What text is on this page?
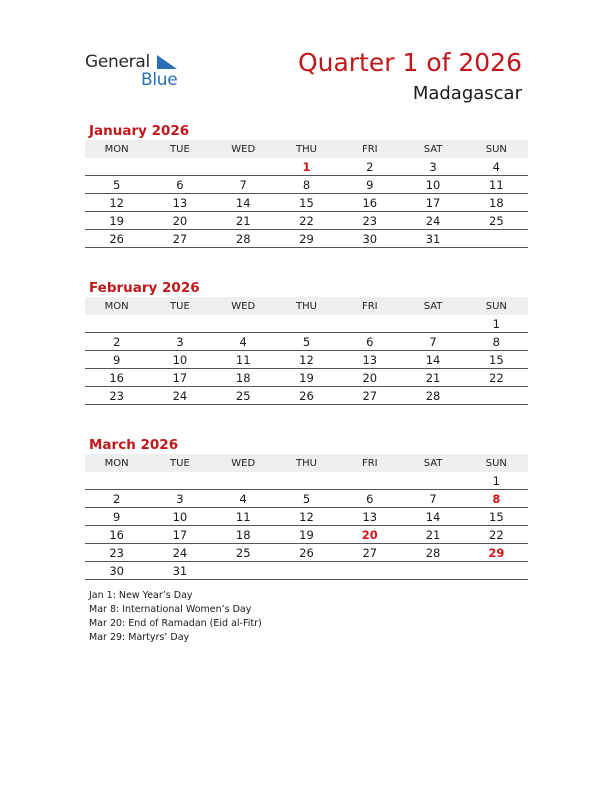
General
Blue
Quarter 1 of 2026
Madagascar
January 2026
MON	TUE	WED	THU	FRI	SAT	SUN
			1	2	3	4
5	6	7	8	9	10	11
12	13	14	15	16	17	18
19	20	21	22	23	24	25
26	27	28	29	30	31	
February 2026
MON	TUE	WED	THU	FRI	SAT	SUN
						1
2	3	4	5	6	7	8
9	10	11	12	13	14	15
16	17	18	19	20	21	22
23	24	25	26	27	28	
March 2026
MON	TUE	WED	THU	FRI	SAT	SUN
						1
2	3	4	5	6	7	8
9	10	11	12	13	14	15
16	17	18	19	20	21	22
23	24	25	26	27	28	29
30	31					
Jan 1: New Year’s Day
Mar 8: International Women’s Day
Mar 20: End of Ramadan (Eid al-Fitr)
Mar 29: Martyrs’ Day
